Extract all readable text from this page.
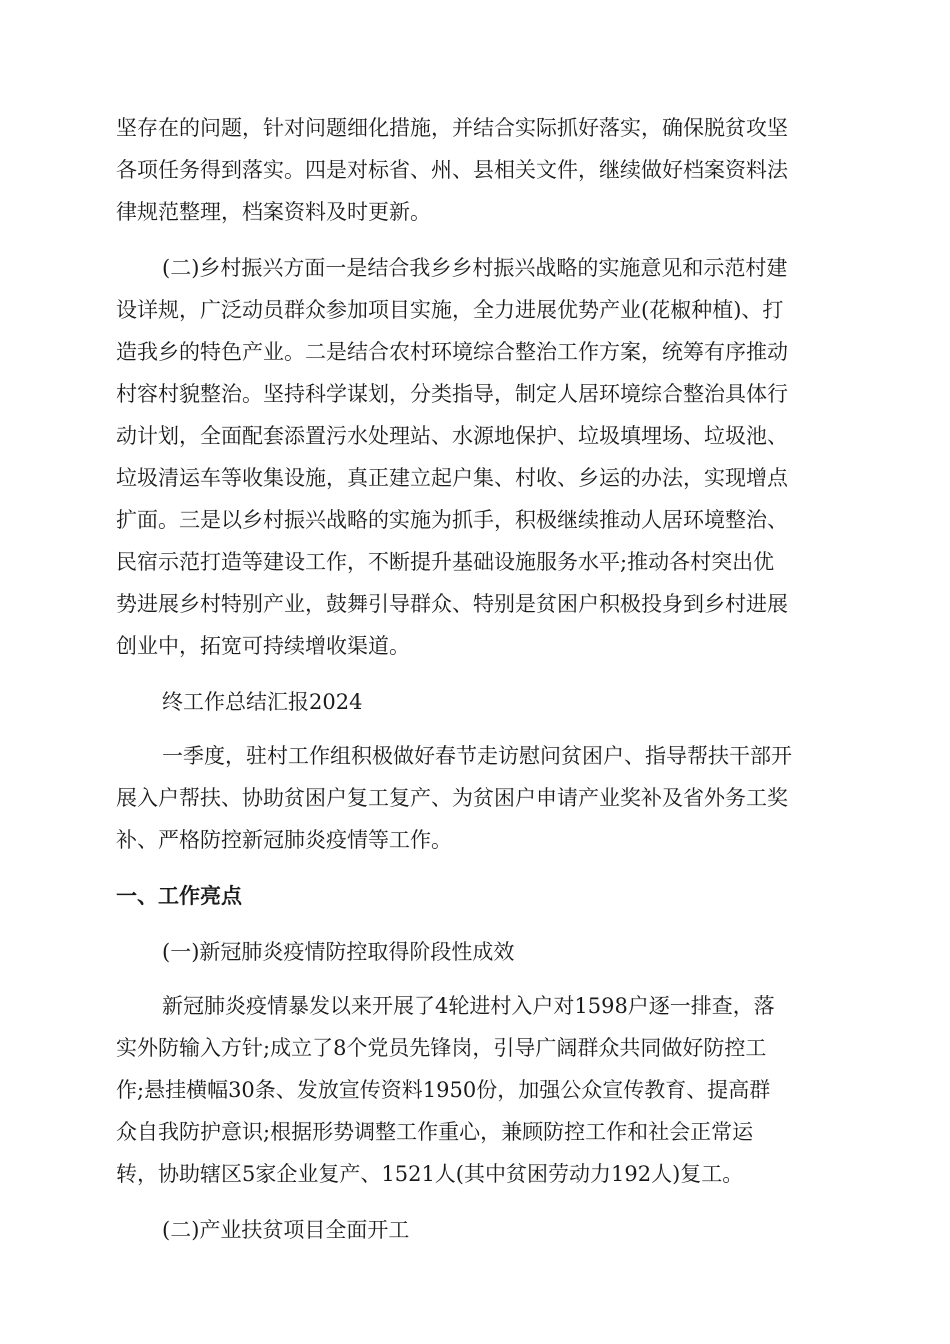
坚存在的问题，针对问题细化措施，并结合实际抓好落实，确保脱贫攻坚
各项任务得到落实。四是对标省、州、县相关文件，继续做好档案资料法
律规范整理，档案资料及时更新。
(二)乡村振兴方面一是结合我乡乡村振兴战略的实施意见和示范村建
设详规，广泛动员群众参加项目实施，全力进展优势产业(花椒种植)、打
造我乡的特色产业。二是结合农村环境综合整治工作方案，统筹有序推动
村容村貌整治。坚持科学谋划，分类指导，制定人居环境综合整治具体行
动计划，全面配套添置污水处理站、水源地保护、垃圾填埋场、垃圾池、
垃圾清运车等收集设施，真正建立起户集、村收、乡运的办法，实现增点
扩面。三是以乡村振兴战略的实施为抓手，积极继续推动人居环境整治、
民宿示范打造等建设工作，不断提升基础设施服务水平;推动各村突出优
势进展乡村特别产业，鼓舞引导群众、特别是贫困户积极投身到乡村进展
创业中，拓宽可持续增收渠道。
终工作总结汇报2024
一季度，驻村工作组积极做好春节走访慰问贫困户、指导帮扶干部开
展入户帮扶、协助贫困户复工复产、为贫困户申请产业奖补及省外务工奖
补、严格防控新冠肺炎疫情等工作。
一、工作亮点
(一)新冠肺炎疫情防控取得阶段性成效
新冠肺炎疫情暴发以来开展了4轮进村入户对1598户逐一排查，落
实外防输入方针;成立了8个党员先锋岗，引导广阔群众共同做好防控工
作;悬挂横幅30条、发放宣传资料1950份，加强公众宣传教育、提高群
众自我防护意识;根据形势调整工作重心，兼顾防控工作和社会正常运
转，协助辖区5家企业复产、1521人(其中贫困劳动力192人)复工。
(二)产业扶贫项目全面开工
